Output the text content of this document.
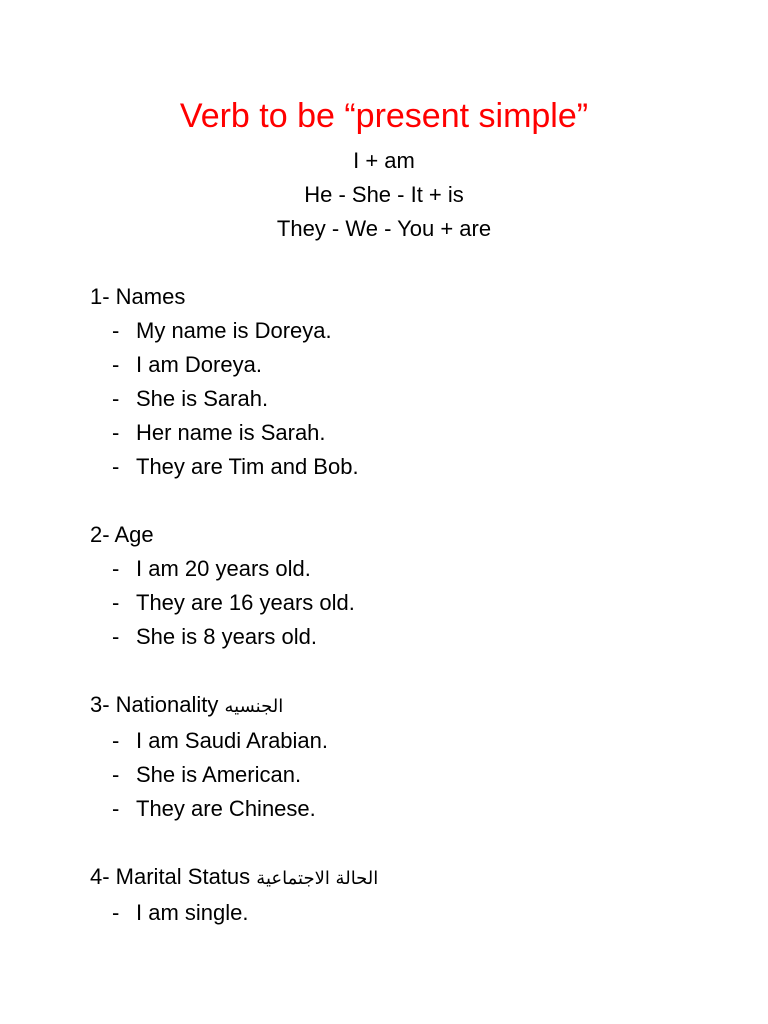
Verb to be “present simple”
I + am
He - She - It + is
They - We - You + are
1- Names
- My name is Doreya.
- I am Doreya.
- She is Sarah.
- Her name is Sarah.
- They are Tim and Bob.
2- Age
- I am 20 years old.
- They are 16 years old.
- She is 8 years old.
3- Nationality الجنسيه
- I am Saudi Arabian.
- She is American.
- They are Chinese.
4- Marital Status الحالة الاجتماعية
- I am single.
